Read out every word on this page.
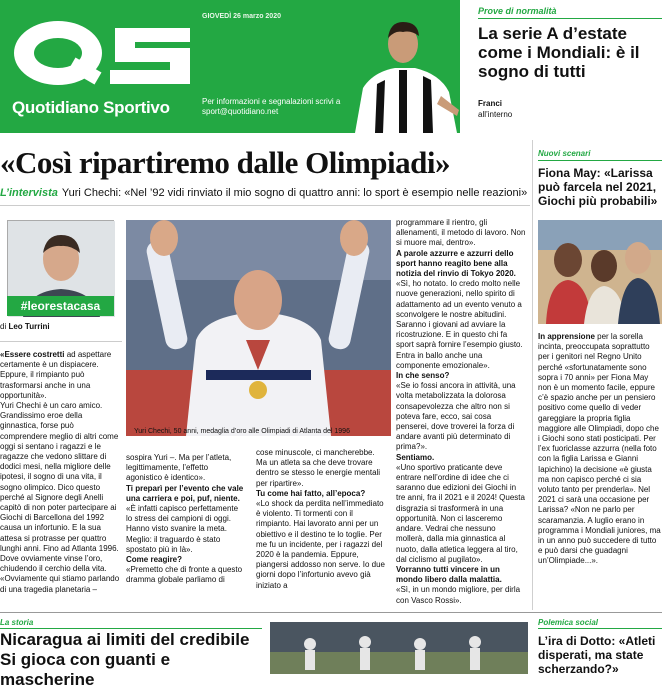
Quotidiano Sportivo
GIOVEDÌ 26 marzo 2020
Per informazioni e segnalazioni scrivi a
sport@quotidiano.net
Prove di normalità
La serie A d’estate come i Mondiali: è il sogno di tutti
Franci
all’interno
«Così ripartiremo dalle Olimpiadi»
L’intervista Yuri Chechi: «Nel ’92 vidi rinviato il mio sogno di quattro anni: lo sport è esempio nelle reazioni»
#leorestacasa
di Leo Turrini

«Essere costretti ad aspettare certamente è un dispiacere. Eppure, il rimpianto può trasformarsi anche in una opportunità».
Yuri Chechi è un caro amico. Grandissimo eroe della ginnastica, forse può comprendere meglio di altri come oggi si sentano i ragazzi e le ragazze che vedono slittare di dodici mesi, nella migliore delle ipotesi, il sogno di una vita, il sogno olimpico. Dico questo perché al Signore degli Anelli capitò di non poter partecipare ai Giochi di Barcellona del 1992 causa un infortunio. E la sua attesa si protrasse per quattro lunghi anni. Fino ad Atlanta 1996. Dove ovviamente vinse l’oro, chiudendo il cerchio della vita.
«Ovviamente qui stiamo parlando di una tragedia planetaria –

Yuri Chechi, 50 anni, medaglia d’oro alle Olimpiadi di Atlanta del 1996

sospira Yuri –. Ma per l’atleta, legittimamente, l’effetto agonistico è identico».

Ti preparì per l’evento che vale una carriera e poi, puf, niente.

«È infatti capisco perfettamente lo stress dei campioni di oggi. Hanno visto svanire la meta. Meglio: il traguardo è stato spostato più in là».

Come reagire?

«Premetto che di fronte a questo dramma globale parliamo di

cose minuscole, ci mancherebbe. Ma un atleta sa che deve trovare dentro se stesso le energie mentali per ripartire».

Tu come hai fatto, all’epoca?

«Lo shock da perdita nell’immediato è violento. Ti tormenti con il rimpianto. Hai lavorato anni per un obiettivo e il destino te lo toglie. Per me fu un incidente, per i ragazzi del 2020 è la pandemia. Eppure, piangersi addosso non serve. Io due giorni dopo l’infortunio avevo già iniziato a

programmare il rientro, gli allenamenti, il metodo di lavoro. Non si muore mai, dentro».

A parole azzurre e azzurri dello sport hanno reagito bene alla notizia del rinvio di Tokyo 2020.

«Sì, ho notato. Io credo molto nelle nuove generazioni, nello spirito di adattamento ad un evento venuto a sconvolgere le nostre abitudini. Saranno i giovani ad avviare la ricostruzione. E in questo chi fa sport saprà fornire l’esempio giusto. Entra in ballo anche una componente emozionale».

In che senso?

«Se io fossi ancora in attività, una volta metabolizzata la dolorosa consapevolezza che altro non si poteva fare, ecco, sai cosa penserei, dove troverei la forza di andare avanti più determinato di prima?».

Sentiamo.

«Uno sportivo praticante deve entrare nell’ordine di idee che ci saranno due edizioni dei Giochi in tre anni, fra il 2021 e il 2024! Questa disgrazia si trasformerà in una opportunità. Non ci lasceremo andare. Vedrai che nessuno mollerà, dalla mia ginnastica al nuoto, dalla atletica leggera al tiro, dal ciclismo al pugilato».

Vorranno tutti vincere in un mondo libero dalla malattia.

«Sì, in un mondo migliore, per dirla con Vasco Rossi».

Nuovi scenari
Fiona May: «Larissa può farcela nel 2021, Giochi più probabili»
In apprensione per la sorella incinta, preoccupata soprattutto per i genitori nel Regno Unito perché «sfortunatamente sono sopra i 70 anni» per Fiona May non è un momento facile, eppure c’è spazio anche per un pensiero positivo come quello di veder gareggiare la propria figlia maggiore alle Olimpiadi, dopo che i Giochi sono stati posticipati. Per l’ex fuoriclasse azzurra (nella foto con la figlia Larissa e Gianni Iapichino) la decisione «è giusta ma non capisco perché ci sia voluto tanto per prenderla». Nel 2021 ci sarà una occasione per Larissa? «Non ne parlo per scaramanzia. A luglio erano in programma i Mondiali juniores, ma in un anno può succedere di tutto e può darsi che guadagni un’Olimpiade...».
La storia
Nicaragua ai limiti del credibile Si gioca con guanti e mascherine
Polemica social
L’ira di Dotto: «Atleti disperati, ma state scherzando?»
